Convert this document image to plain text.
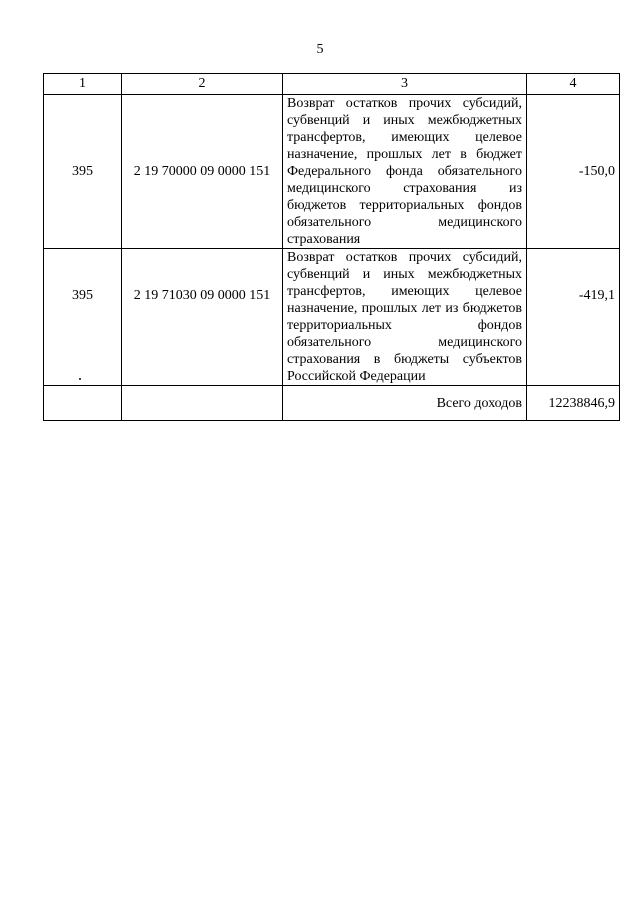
5
1	2	3	4
395	2 19 70000 09 0000 151	Возврат остатков прочих субсидий, субвенций и иных межбюджетных трансфертов, имеющих целевое назначение, прошлых лет в бюджет Федерального фонда обязательного медицинского страхования из бюджетов территориальных фондов обязательного медицинского страхования	-150,0
395	2 19 71030 09 0000 151	Возврат остатков прочих субсидий, субвенций и иных межбюджетных трансфертов, имеющих целевое назначение, прошлых лет из бюджетов территориальных фондов обязательного медицинского страхования в бюджеты субъектов Российской Федерации	-419,1
		Всего доходов	12238846,9
